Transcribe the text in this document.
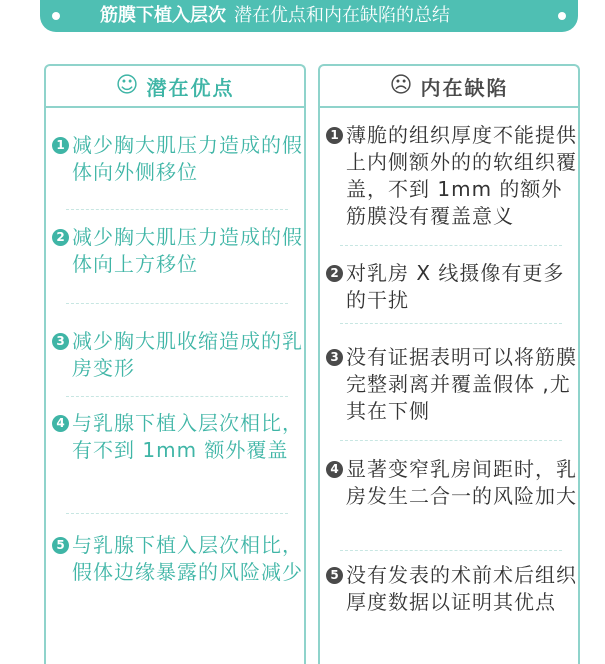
筋膜下植入层次 潜在优点和内在缺陷的总结
☺ 潜在优点
1 减少胸大肌压力造成的假体向外侧移位
2 减少胸大肌压力造成的假体向上方移位
3 减少胸大肌收缩造成的乳房变形
4 与乳腺下植入层次相比，有不到 1mm 额外覆盖
5 与乳腺下植入层次相比，假体边缘暴露的风险减少
☹ 内在缺陷
1 薄脆的组织厚度不能提供上内侧额外的的软组织覆盖，不到 1mm 的额外筋膜没有覆盖意义
2 对乳房 X 线摄像有更多的干扰
3 没有证据表明可以将筋膜完整剥离并覆盖假体 ,尤其在下侧
4 显著变窄乳房间距时，乳房发生二合一的风险加大
5 没有发表的术前术后组织厚度数据以证明其优点
